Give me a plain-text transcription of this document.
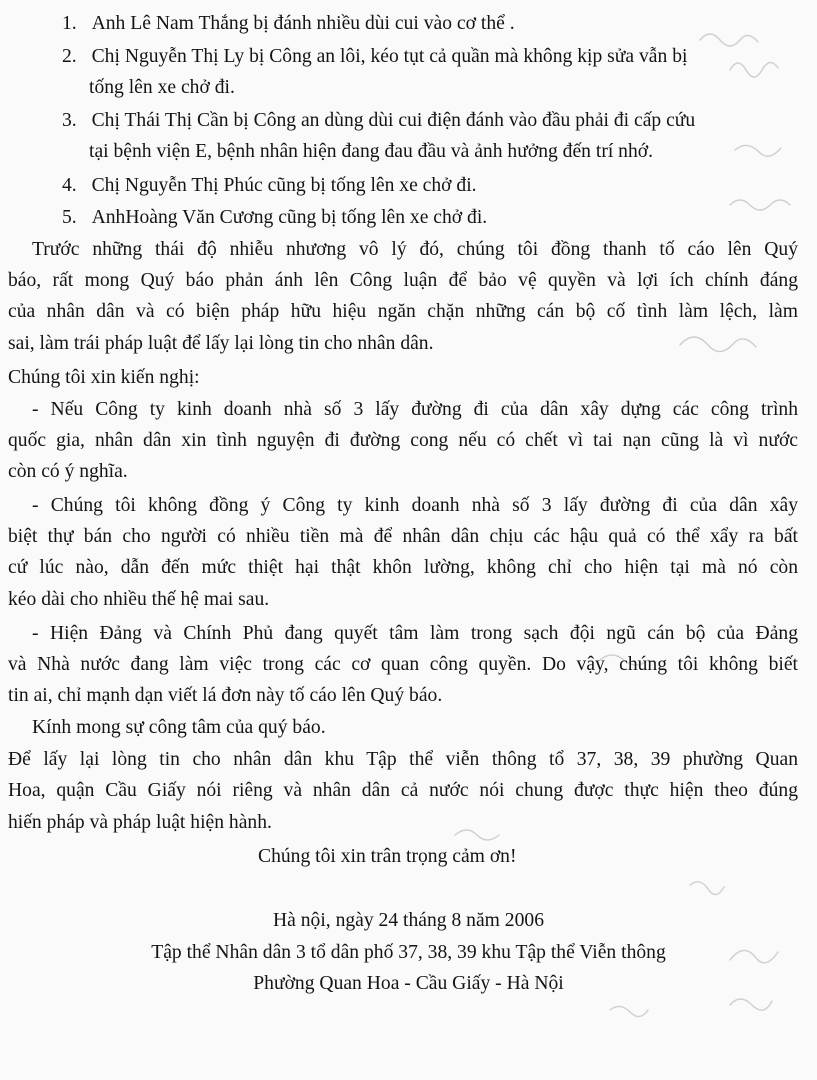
1. Anh Lê Nam Thắng bị đánh nhiều dùi cui vào cơ thể .
2. Chị Nguyễn Thị Ly bị Công an lôi, kéo tụt cả quần mà không kịp sửa vẫn bị
tống lên xe chở đi.
3. Chị Thái Thị Cần bị Công an dùng dùi cui điện đánh vào đầu phải đi cấp cứu
tại bệnh viện E, bệnh nhân hiện đang đau đầu và ảnh hưởng đến trí nhớ.
4. Chị Nguyễn Thị Phúc cũng bị tống lên xe chở đi.
5. AnhHoàng Văn Cương cũng bị tống lên xe chở đi.
Trước những thái độ nhiễu nhương vô lý đó, chúng tôi đồng thanh tố cáo lên Quý
báo, rất mong Quý báo phản ánh lên Công luận để bảo vệ quyền và lợi ích chính đáng
của nhân dân và có biện pháp hữu hiệu ngăn chặn những cán bộ cố tình làm lệch, làm
sai, làm trái pháp luật để lấy lại lòng tin cho nhân dân.
Chúng tôi xin kiến nghị:
- Nếu Công ty kinh doanh nhà số 3 lấy đường đi của dân xây dựng các công trình
quốc gia, nhân dân xin tình nguyện đi đường cong nếu có chết vì tai nạn cũng là vì nước
còn có ý nghĩa.
- Chúng tôi không đồng ý Công ty kinh doanh nhà số 3 lấy đường đi của dân xây
biệt thự bán cho người có nhiều tiền mà để nhân dân chịu các hậu quả có thể xẩy ra bất
cứ lúc nào, dẫn đến mức thiệt hại thật khôn lường, không chỉ cho hiện tại mà nó còn
kéo dài cho nhiều thế hệ mai sau.
- Hiện Đảng và Chính Phủ đang quyết tâm làm trong sạch đội ngũ cán bộ của Đảng
và Nhà nước đang làm việc trong các cơ quan công quyền. Do vậy, chúng tôi không biết
tin ai, chỉ mạnh dạn viết lá đơn này tố cáo lên Quý báo.
Kính mong sự công tâm của quý báo.
Để lấy lại lòng tin cho nhân dân khu Tập thể viễn thông tổ 37, 38, 39 phường Quan
Hoa, quận Cầu Giấy nói riêng và nhân dân cả nước nói chung được thực hiện theo đúng
hiến pháp và pháp luật hiện hành.
Chúng tôi xin trân trọng cảm ơn!
Hà nội, ngày 24 tháng 8 năm 2006
Tập thể Nhân dân 3 tổ dân phố 37, 38, 39 khu Tập thể Viễn thông
Phường Quan Hoa - Cầu Giấy - Hà Nội
